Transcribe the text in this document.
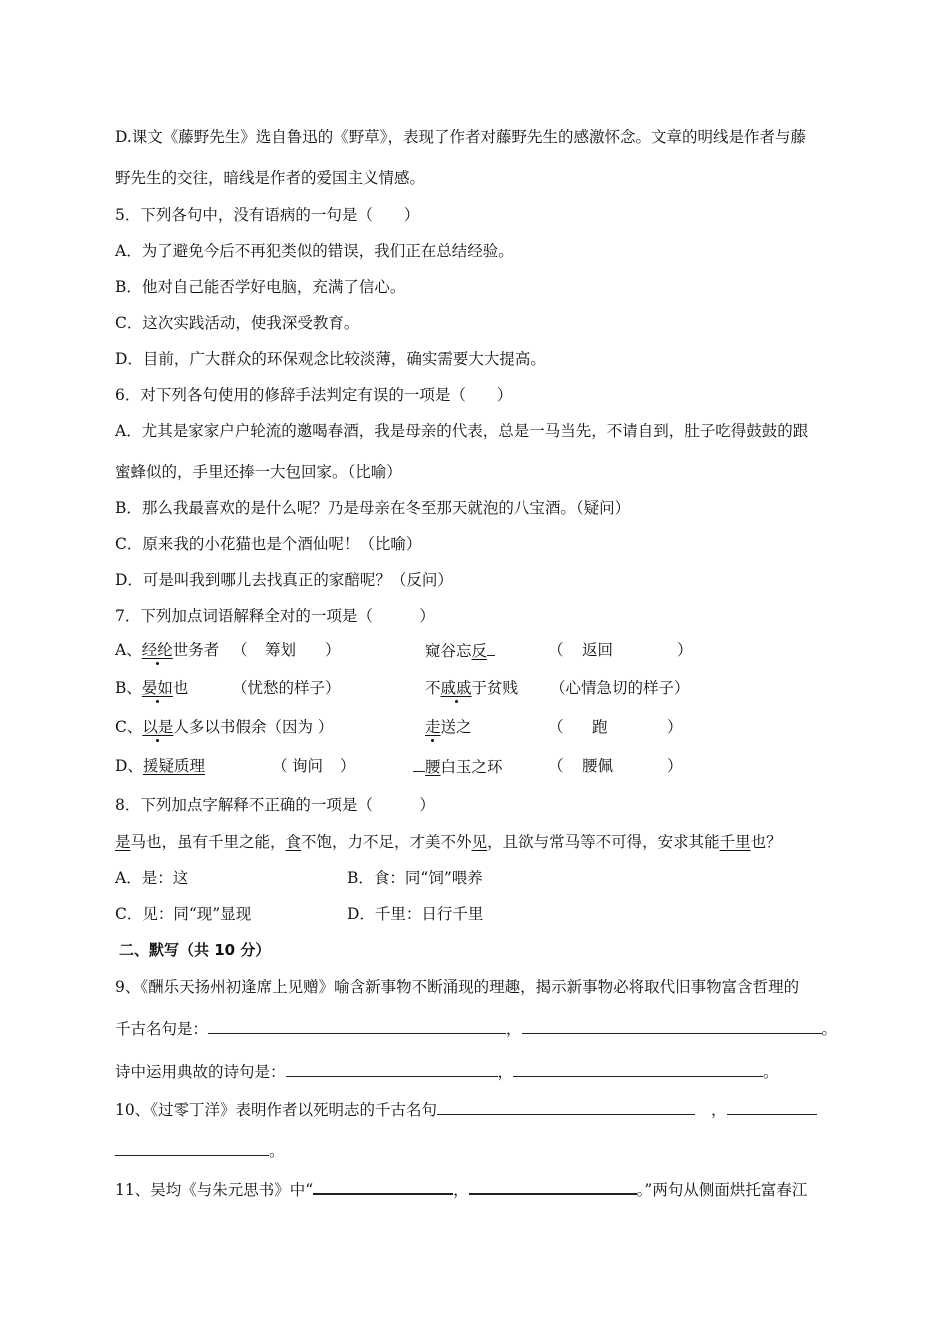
D.课文《藤野先生》选自鲁迅的《野草》，表现了作者对藤野先生的感激怀念。文章的明线是作者与藤
野先生的交往，暗线是作者的爱国主义情感。
5．下列各句中，没有语病的一句是（　　）
A．为了避免今后不再犯类似的错误，我们正在总结经验。
B．他对自己能否学好电脑，充满了信心。
C．这次实践活动，使我深受教育。
D．目前，广大群众的环保观念比较淡薄，确实需要大大提高。
6．对下列各句使用的修辞手法判定有误的一项是（　　）
A．尤其是家家户户轮流的邀喝春酒，我是母亲的代表，总是一马当先，不请自到，肚子吃得鼓鼓的跟
蜜蜂似的，手里还捧一大包回家。（比喻）
B．那么我最喜欢的是什么呢？乃是母亲在冬至那天就泡的八宝酒。（疑问）
C．原来我的小花猫也是个酒仙呢！（比喻）
D．可是叫我到哪儿去找真正的家醅呢？（反问）
7．下列加点词语解释全对的一项是（　　　）
A、经纶世务者 （ 筹划 ）	窥谷忘反	（ 返回	）
B、晏如也	（忧愁的样子）	不戚戚于贫贱 （心情急切的样子）
C、以是人多以书假余（ 因为 ）	走送之	（ 跑	）
D、援疑质理	（ 询问 ）	腰白玉之环	（ 腰佩	）
8．下列加点字解释不正确的一项是（　　　）
是马也，虽有千里之能，食不饱，力不足，才美不外见，且欲与常马等不可得，安求其能千里也？
A．是：这	B．食：同“饲”喂养
C．见：同“现”显现	D．千里：日行千里
二、默写（共 10 分）
9、《酬乐天扬州初逢席上见赠》喻含新事物不断涌现的理趣，揭示新事物必将取代旧事物富含哲理的
千古名句是：	，	。
诗中运用典故的诗句是：	，	。
10、《过零丁洋》表明作者以死明志的千古名句	，
。
11、吴均《与朱元思书》中“	，	。”两句从侧面烘托富春江
